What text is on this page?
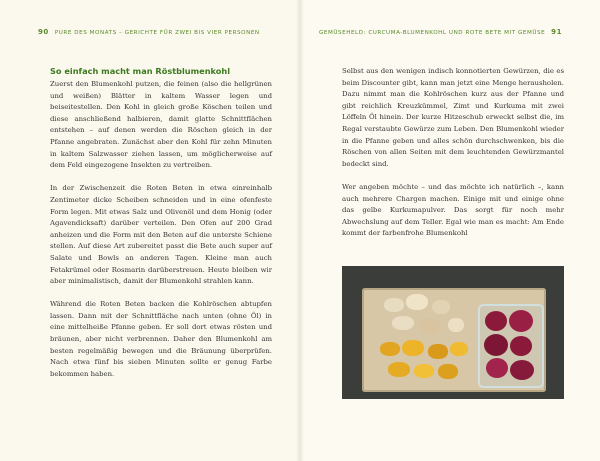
90 PURE DES MONATS – GERICHTE FÜR ZWEI BIS VIER PERSONEN
So einfach macht man Röstblumenkohl

Zuerst den Blumenkohl putzen, die feinen (also die hellgrünen und weißen) Blätter in kaltem Wasser legen und beiseitestellen. Den Kohl in gleich große Köschen teilen und diese anschließend halbieren, damit glatte Schnittflächen entstehen – auf denen werden die Röschen gleich in der Pfanne angebraten. Zunächst aber den Kohl für zehn Minuten in kaltem Salzwasser ziehen lassen, um möglicherweise auf dem Feld eingezogene Insekten zu vertreiben.

In der Zwischenzeit die Roten Beten in etwa einreinhalb Zentimeter dicke Scheiben schneiden und in eine ofenfeste Form legen. Mit etwas Salz und Olivenöl und dem Honig (oder Agavendicksaft) darüber verteilen. Den Ofen auf 200 Grad anheizen und die Form mit den Beten auf die unterste Schiene stellen. Auf diese Art zubereitet passt die Bete auch super auf Salate und Bowls an anderen Tagen. Kleine man auch Fetakrümel oder Rosmarin darüberstreuen. Heute bleiben wir aber minimalistisch, damit der Blumenkohl strahlen kann.

Während die Roten Beten backen die Kohlröschen abtupfen lassen. Dann mit der Schnittfläche nach unten (ohne Öl) in eine mittelheiße Pfanne geben. Er soll dort etwas rösten und bräunen, aber nicht verbrennen. Daher den Blumenkohl am besten regelmäßig bewegen und die Bräunung überprüfen. Nach etwa fünf bis sieben Minuten sollte er genug Farbe bekommen haben.

GEMÜSEHELD: CURCUMA-BLUMENKOHL UND ROTE BETE MIT GEMÜSE 91

Selbst aus den wenigen indisch konnotierten Gewürzen, die es beim Discounter gibt, kann man jetzt eine Menge herausholen. Dazu nimmt man die Kohlröschen kurz aus der Pfanne und gibt reichlich Kreuzkümmel, Zimt und Kurkuma mit zwei Löffeln Öl hinein. Der kurze Hitzeschub erweckt selbst die, im Regal verstaubte Gewürze zum Leben. Den Blumenkohl wieder in die Pfanne geben und alles schön durchschwenken, bis die Röschen von allen Seiten mit dem leuchtenden Gewürzmantel bedeckt sind.

Wer angeben möchte – und das möchte ich natürlich –, kann auch mehrere Chargen machen. Einige mit und einige ohne das gelbe Kurkumapulver. Das sorgt für noch mehr Abwechslung auf dem Teller. Egal wie man es macht: Am Ende kommt der farbenfrohe Blumenkohl
